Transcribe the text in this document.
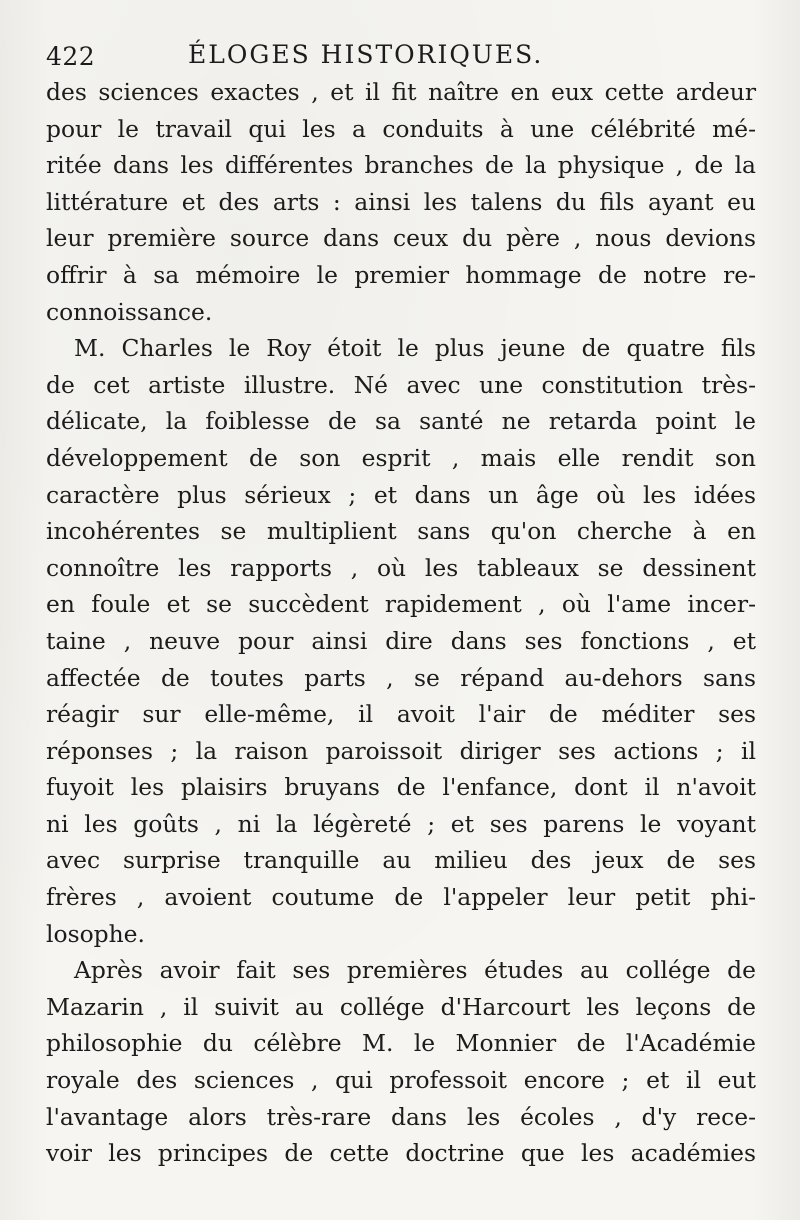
422	ÉLOGES HISTORIQUES.
des sciences exactes , et il fit naître en eux cette ardeur
pour le travail qui les a conduits à une célébrité mé-
ritée dans les différentes branches de la physique , de la
littérature et des arts : ainsi les talens du fils ayant eu
leur première source dans ceux du père , nous devions
offrir à sa mémoire le premier hommage de notre re-
connoissance.
M. Charles le Roy étoit le plus jeune de quatre fils
de cet artiste illustre. Né avec une constitution très-
délicate, la foiblesse de sa santé ne retarda point le
développement de son esprit , mais elle rendit son
caractère plus sérieux ; et dans un âge où les idées
incohérentes se multiplient sans qu'on cherche à en
connoître les rapports , où les tableaux se dessinent
en foule et se succèdent rapidement , où l'ame incer-
taine , neuve pour ainsi dire dans ses fonctions , et
affectée de toutes parts , se répand au-dehors sans
réagir sur elle-même, il avoit l'air de méditer ses
réponses ; la raison paroissoit diriger ses actions ; il
fuyoit les plaisirs bruyans de l'enfance, dont il n'avoit
ni les goûts , ni la légèreté ; et ses parens le voyant
avec surprise tranquille au milieu des jeux de ses
frères , avoient coutume de l'appeler leur petit phi-
losophe.
Après avoir fait ses premières études au collége de
Mazarin , il suivit au collége d'Harcourt les leçons de
philosophie du célèbre M. le Monnier de l'Académie
royale des sciences , qui professoit encore ; et il eut
l'avantage alors très-rare dans les écoles , d'y rece-
voir les principes de cette doctrine que les académies
